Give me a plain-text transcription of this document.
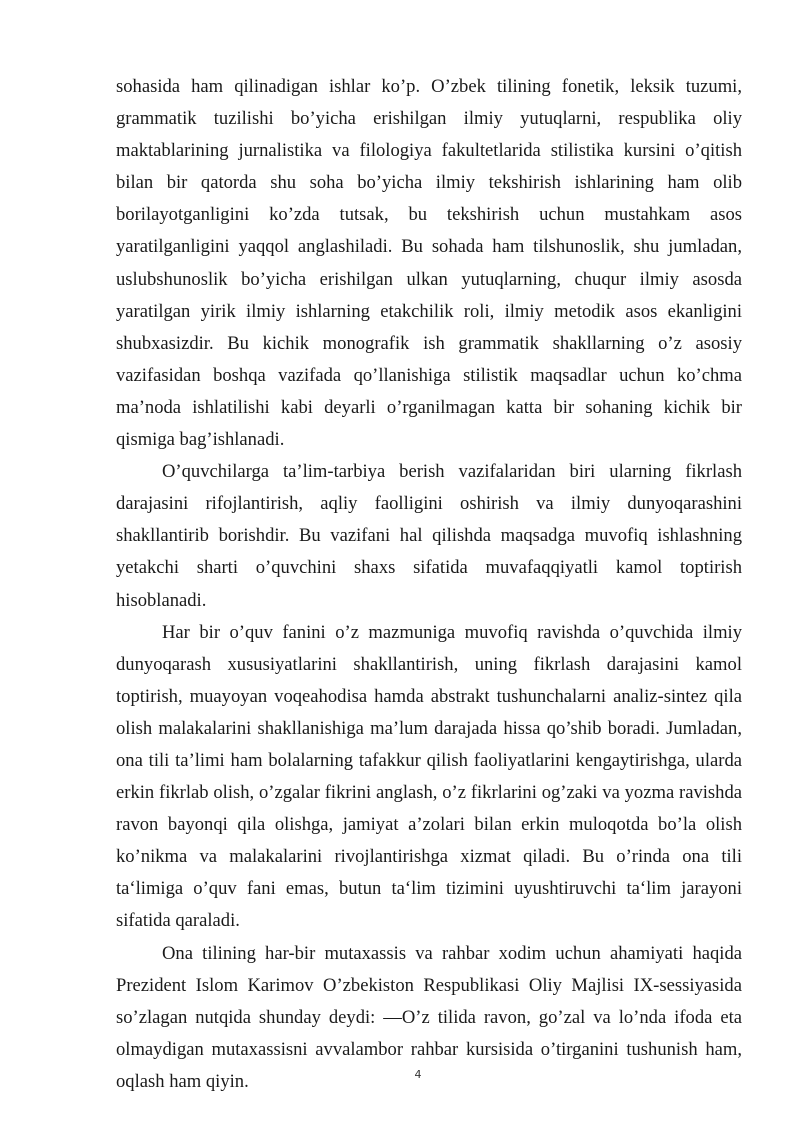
sohasida ham qilinadigan ishlar ko’p. O’zbek tilining fonetik, leksik tuzumi, grammatik tuzilishi bo’yicha erishilgan ilmiy yutuqlarni, respublika oliy maktablarining jurnalistika va filologiya fakultetlarida stilistika kursini o’qitish bilan bir qatorda shu soha bo’yicha ilmiy tekshirish ishlarining ham olib borilayotganligini ko’zda tutsak, bu tekshirish uchun mustahkam asos yaratilganligini yaqqol anglashiladi. Bu sohada ham tilshunoslik, shu jumladan, uslubshunoslik bo’yicha erishilgan ulkan yutuqlarning, chuqur ilmiy asosda yaratilgan yirik ilmiy ishlarning etakchilik roli, ilmiy metodik asos ekanligini shubxasizdir. Bu kichik monografik ish grammatik shakllarning o’z asosiy vazifasidan boshqa vazifada qo’llanishiga stilistik maqsadlar uchun ko’chma ma’noda ishlatilishi kabi deyarli o’rganilmagan katta bir sohaning kichik bir qismiga bag’ishlanadi.

O’quvchilarga ta’lim-tarbiya berish vazifalaridan biri ularning fikrlash darajasini rifojlantirish, aqliy faolligini oshirish va ilmiy dunyoqarashini shakllantirib borishdir. Bu vazifani hal qilishda maqsadga muvofiq ishlashning yetakchi sharti o’quvchini shaxs sifatida muvafaqqiyatli kamol toptirish hisoblanadi.

Har bir o’quv fanini o’z mazmuniga muvofiq ravishda o’quvchida ilmiy dunyoqarash xususiyatlarini shakllantirish, uning fikrlash darajasini kamol toptirish, muayoyan voqeahodisa hamda abstrakt tushunchalarni analiz-sintez qila olish malakalarini shakllanishiga ma’lum darajada hissa qo’shib boradi. Jumladan, ona tili ta’limi ham bolalarning tafakkur qilish faoliyatlarini kengaytirishga, ularda erkin fikrlab olish, o’zgalar fikrini anglash, o’z fikrlarini og’zaki va yozma ravishda ravon bayonqi qila olishga, jamiyat a’zolari bilan erkin muloqotda bo’la olish ko’nikma va malakalarini rivojlantirishga xizmat qiladi. Bu o’rinda ona tili ta‘limiga o’quv fani emas, butun ta‘lim tizimini uyushtiruvchi ta‘lim jarayoni sifatida qaraladi.

Ona tilining har-bir mutaxassis va rahbar xodim uchun ahamiyati haqida Prezident Islom Karimov O’zbekiston Respublikasi Oliy Majlisi IX-sessiyasida so’zlagan nutqida shunday deydi: ―O’z tilida ravon, go’zal va lo’nda ifoda eta olmaydigan mutaxassisni avvalambor rahbar kursisida o’tirganini tushunish ham, oqlash ham qiyin.	4
